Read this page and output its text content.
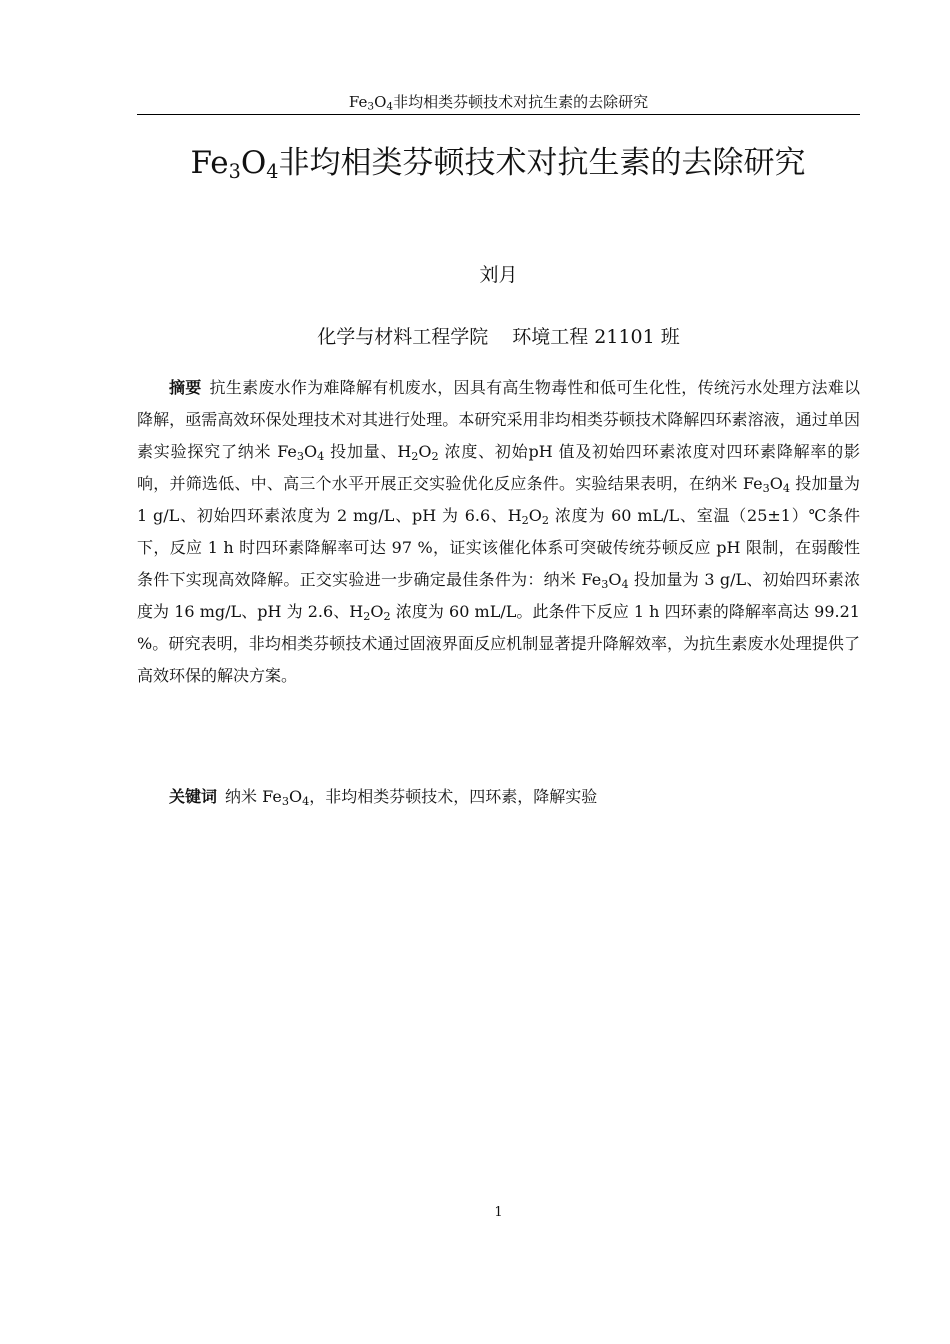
$Fe_3O_4$非均相类芬顿技术对抗生素的去除研究
$Fe_3O_4$非均相类芬顿技术对抗生素的去除研究
刘月
化学与材料工程学院 环境工程 21101 班

摘要 抗生素废水作为难降解有机废水，因具有高生物毒性和低可生化性，传统污水处理方法难以降解，亟需高效环保处理技术对其进行处理。本研究采用非均相类芬顿技术降解四环素溶液，通过单因素实验探究了纳米 $Fe_3O_4$ 投加量、$H_2O_2$ 浓度、初始pH 值及初始四环素浓度对四环素降解率的影响，并筛选低、中、高三个水平开展正交实验优化反应条件。实验结果表明，在纳米 $Fe_3O_4$ 投加量为 1 g/L、初始四环素浓度为 2 mg/L、pH 为 6.6、$H_2O_2$ 浓度为 60 mL/L、室温（25±1）℃条件下，反应 1 h 时四环素降解率可达 97 %，证实该催化体系可突破传统芬顿反应 pH 限制，在弱酸性条件下实现高效降解。正交实验进一步确定最佳条件为：纳米 $Fe_3O_4$ 投加量为 3 g/L、初始四环素浓度为 16 mg/L、pH 为 2.6、$H_2O_2$ 浓度为 60 mL/L。此条件下反应 1 h 四环素的降解率高达 99.21 %。研究表明，非均相类芬顿技术通过固液界面反应机制显著提升降解效率，为抗生素废水处理提供了高效环保的解决方案。

关键词 纳米 $Fe_3O_4$，非均相类芬顿技术，四环素，降解实验
1
